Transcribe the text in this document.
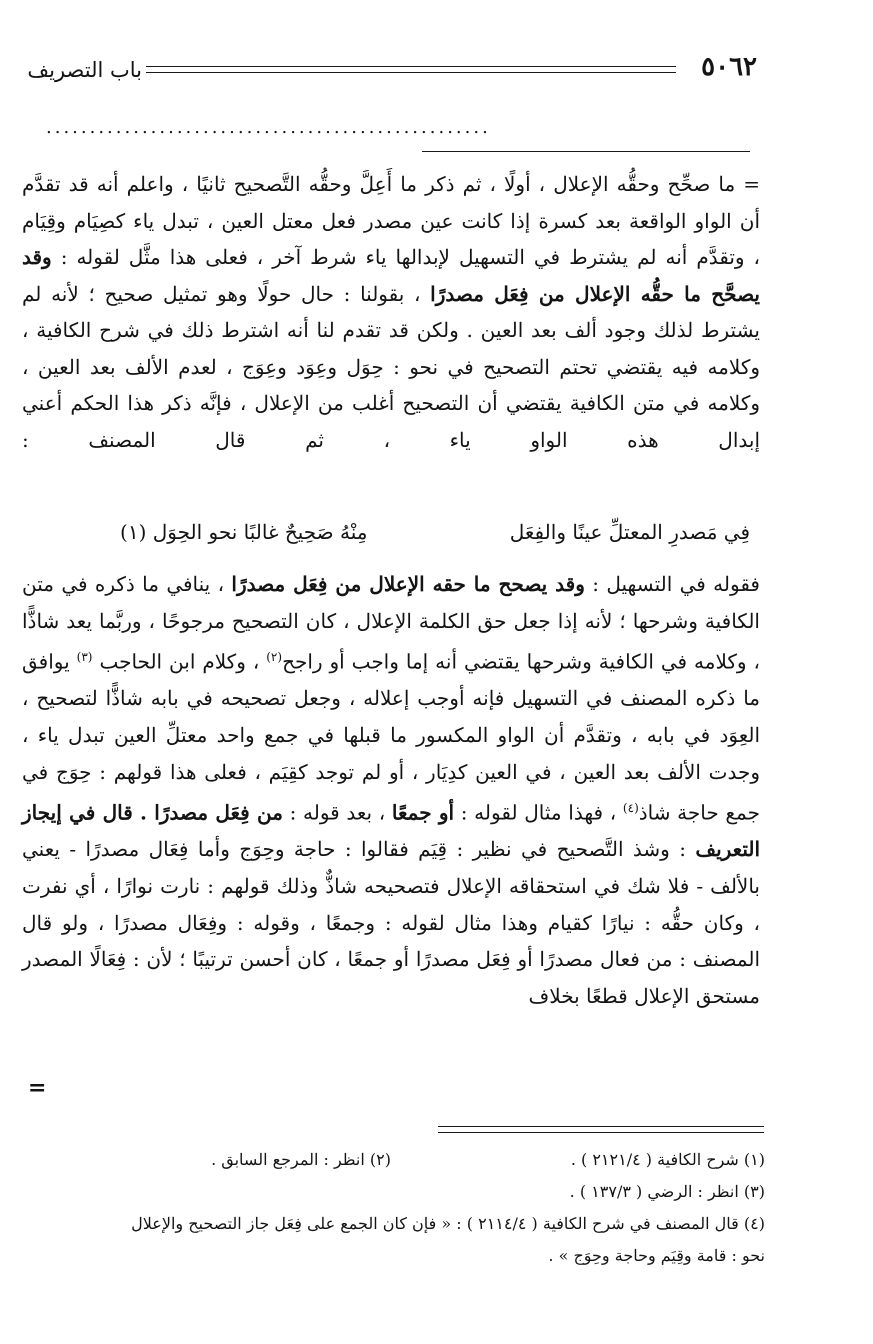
٥٠٦٢
باب التصريف
...................................................

= ما صحِّح وحقُّه الإعلال ، أولًا ، ثم ذكر ما أَعِلَّ وحقُّه التَّصحيح ثانيًا ، واعلم أنه قد تقدَّم أن الواو الواقعة بعد كسرة إذا كانت عين مصدر فعل معتل العين ، تبدل ياء كصِيَام وقِيَام ، وتقدَّم أنه لم يشترط في التسهيل لإبدالها ياء شرط آخر ، فعلى هذا مثَّل لقوله : وقد يصحَّح ما حقُّه الإعلال من فِعَل مصدرًا ، بقولنا : حال حولًا وهو تمثيل صحيح ؛ لأنه لم يشترط لذلك وجود ألف بعد العين . ولكن قد تقدم لنا أنه اشترط ذلك في شرح الكافية ، وكلامه فيه يقتضي تحتم التصحيح في نحو : حِوَل وعِوَد وعِوَج ، لعدم الألف بعد العين ، وكلامه في متن الكافية يقتضي أن التصحيح أغلب من الإعلال ، فإنَّه ذكر هذا الحكم أعني إبدال هذه الواو ياء ، ثم قال المصنف :

فِي مَصدرِ المعتلِّ عينًا والفِعَل
مِنْهُ صَحِيحٌ غالبًا نحو الحِوَل (١)

فقوله في التسهيل : وقد يصحح ما حقه الإعلال من فِعَل مصدرًا ، ينافي ما ذكره في متن الكافية وشرحها ؛ لأنه إذا جعل حق الكلمة الإعلال ، كان التصحيح مرجوحًا ، وربَّما يعد شاذًّا ، وكلامه في الكافية وشرحها يقتضي أنه إما واجب أو راجح$^{(٢)}$ ، وكلام ابن الحاجب $^{(٣)}$ يوافق ما ذكره المصنف في التسهيل فإنه أوجب إعلاله ، وجعل تصحيحه في بابه شاذًّا لتصحيح ، العِوَد في بابه ، وتقدَّم أن الواو المكسور ما قبلها في جمع واحد معتلِّ العين تبدل ياء ، وجدت الألف بعد العين ، في العين كدِيَار ، أو لم توجد كقِيَم ، فعلى هذا قولهم : حِوَج في جمع حاجة شاذ$^{(٤)}$ ، فهذا مثال لقوله : أو جمعًا ، بعد قوله : من فِعَل مصدرًا . قال في إيجاز التعريف : وشذ التَّصحيح في نظير : قِيَم فقالوا : حاجة وحِوَج وأما فِعَال مصدرًا - يعني بالألف - فلا شك في استحقاقه الإعلال فتصحيحه شاذٌّ وذلك قولهم : نارت نوارًا ، أي نفرت ، وكان حقُّه : نيارًا كقيام وهذا مثال لقوله : وجمعًا ، وقوله : وفِعَال مصدرًا ، ولو قال المصنف : من فعال مصدرًا أو فِعَل مصدرًا أو جمعًا ، كان أحسن ترتيبًا ؛ لأن : فِعَالًا المصدر مستحق الإعلال قطعًا بخلاف

=
(١) شرح الكافية ( ٢١٢١/٤ ) .
(٢) انظر : المرجع السابق .
(٣) انظر : الرضي ( ١٣٧/٣ ) .
(٤) قال المصنف في شرح الكافية ( ٢١١٤/٤ ) : « فإن كان الجمع على فِعَل جاز التصحيح والإعلال
نحو : قامة وقِيَم وحاجة وحِوَج » .
